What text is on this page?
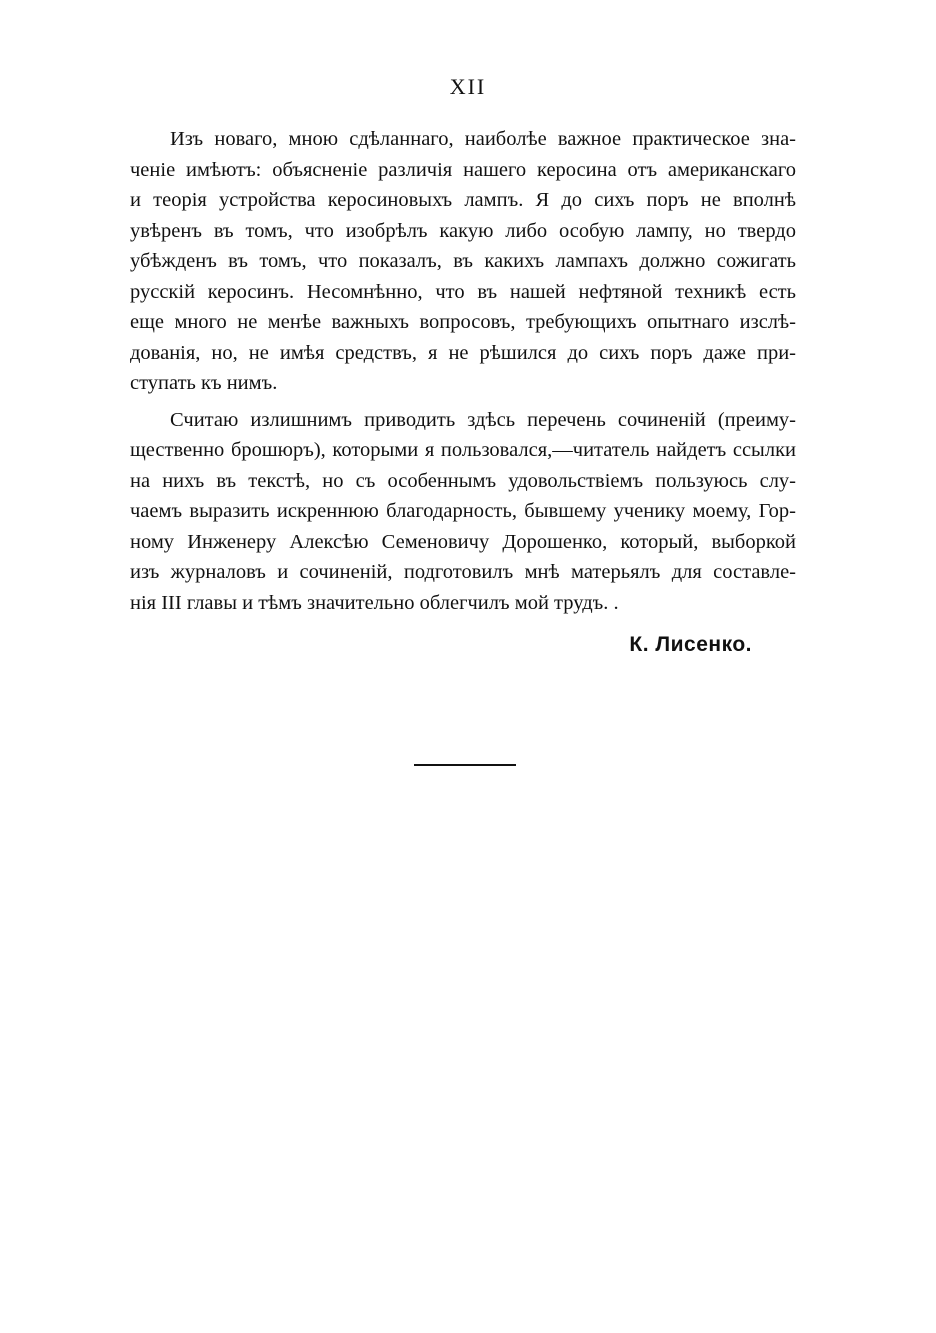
XII
Изъ новаго, мною сдѣланнаго, наиболѣе важное практическое зна-
ченіе имѣютъ: объясненіе различія нашего керосина отъ американскаго
и теорія устройства керосиновыхъ лампъ. Я до сихъ поръ не вполнѣ
увѣренъ въ томъ, что изобрѣлъ какую либо особую лампу, но твердо
убѣжденъ въ томъ, что показалъ, въ какихъ лампахъ должно сожигать
русскій керосинъ. Несомнѣнно, что въ нашей нефтяной техникѣ есть
еще много не менѣе важныхъ вопросовъ, требующихъ опытнаго изслѣ-
дованія, но, не имѣя средствъ, я не рѣшился до сихъ поръ даже при-
ступать къ нимъ.
Считаю излишнимъ приводить здѣсь перечень сочиненій (преиму-
щественно брошюръ), которыми я пользовался,—читатель найдетъ ссылки
на нихъ въ текстѣ, но съ особеннымъ удовольствіемъ пользуюсь слу-
чаемъ выразить искреннюю благодарность, бывшему ученику моему, Гор-
ному Инженеру Алексѣю Семеновичу Дорошенко, который, выборкой
изъ журналовъ и сочиненій, подготовилъ мнѣ матерьялъ для составле-
нія III главы и тѣмъ значительно облегчилъ мой трудъ. .
К. Лисенко.
